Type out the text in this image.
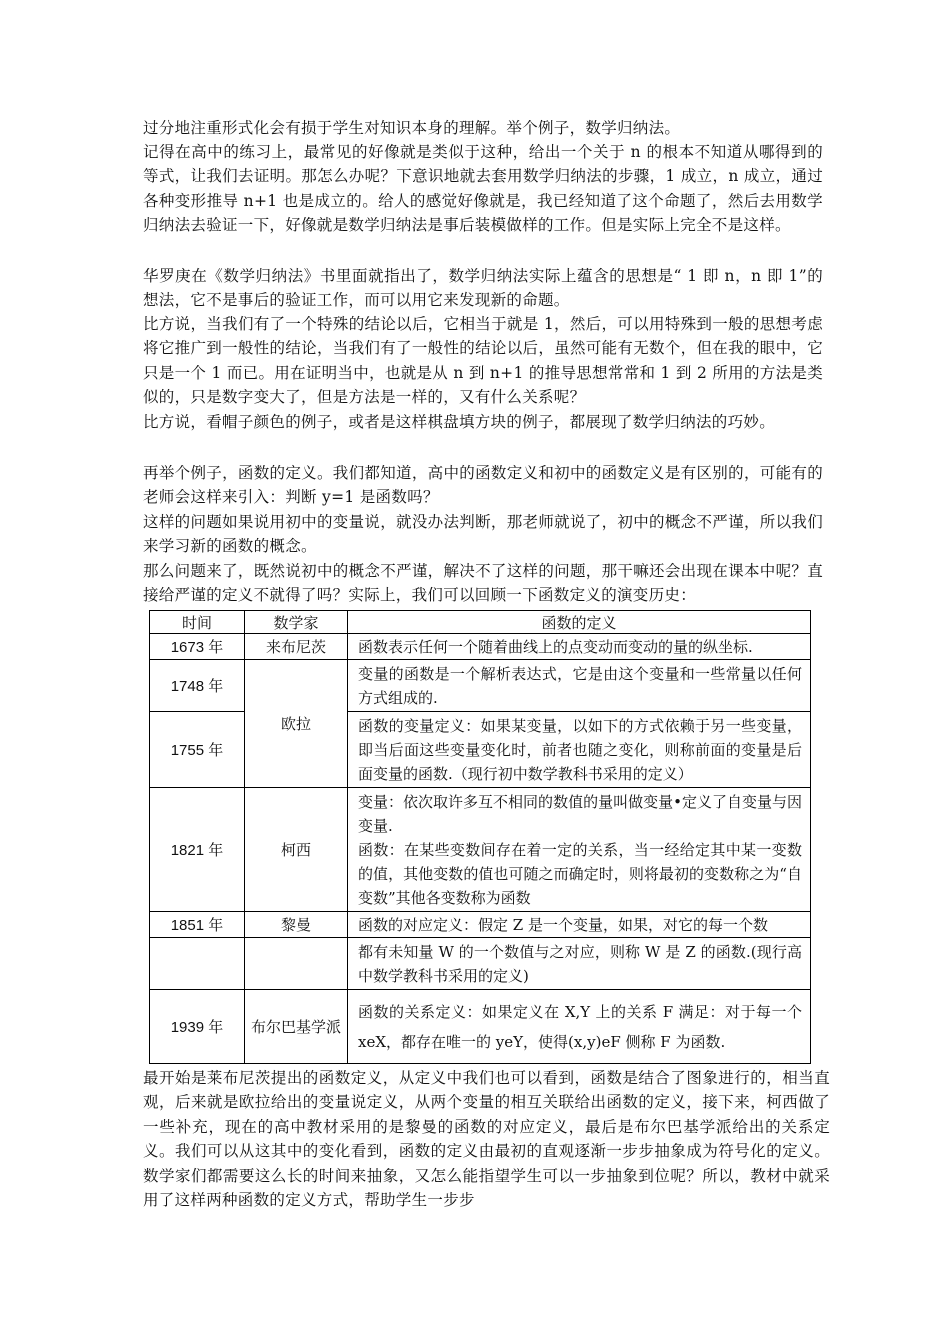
过分地注重形式化会有损于学生对知识本身的理解。举个例子，数学归纳法。
记得在高中的练习上，最常见的好像就是类似于这种，给出一个关于 n 的根本不知道从哪得到的等式，让我们去证明。那怎么办呢？下意识地就去套用数学归纳法的步骤，1 成立，n 成立，通过各种变形推导 n+1 也是成立的。给人的感觉好像就是，我已经知道了这个命题了，然后去用数学归纳法去验证一下，好像就是数学归纳法是事后装模做样的工作。但是实际上完全不是这样。
华罗庚在《数学归纳法》书里面就指出了，数学归纳法实际上蕴含的思想是“ 1 即 n，n 即 1”的想法，它不是事后的验证工作，而可以用它来发现新的命题。
比方说，当我们有了一个特殊的结论以后，它相当于就是 1，然后，可以用特殊到一般的思想考虑将它推广到一般性的结论，当我们有了一般性的结论以后，虽然可能有无数个，但在我的眼中，它只是一个 1 而已。用在证明当中，也就是从 n 到 n+1 的推导思想常常和 1 到 2 所用的方法是类似的，只是数字变大了，但是方法是一样的，又有什么关系呢？
比方说，看帽子颜色的例子，或者是这样棋盘填方块的例子，都展现了数学归纳法的巧妙。
再举个例子，函数的定义。我们都知道，高中的函数定义和初中的函数定义是有区别的，可能有的老师会这样来引入：判断 y=1 是函数吗？
这样的问题如果说用初中的变量说，就没办法判断，那老师就说了，初中的概念不严谨，所以我们来学习新的函数的概念。
那么问题来了，既然说初中的概念不严谨，解决不了这样的问题，那干嘛还会出现在课本中呢？直接给严谨的定义不就得了吗？实际上，我们可以回顾一下函数定义的演变历史：
时间	数学家	函数的定义
1673 年	来布尼茨	函数表示任何一个随着曲线上的点变动而变动的量的纵坐标.
1748 年	欧拉	变量的函数是一个解析表达式，它是由这个变量和一些常量以任何方式组成的.
1755 年		函数的变量定义：如果某变量，以如下的方式依赖于另一些变量，即当后面这些变量变化时，前者也随之变化，则称前面的变量是后面变量的函数.（现行初中数学教科书采用的定义）
1821 年	柯西	变量：依次取许多互不相同的数值的量叫做变量•定义了自变量与因变量.
函数：在某些变数间存在着一定的关系，当一经给定其中某一变数的值，其他变数的值也可随之而确定时，则将最初的变数称之为“自变数”其他各变数称为函数

1851 年	黎曼	函数的对应定义：假定 Z 是一个变量，如果，对它的每一个数
		都有未知量 W 的一个数值与之对应，则称 W 是 Z 的函数.(现行高中数学教科书采用的定义)
1939 年	布尔巴基学派	函数的关系定义：如果定义在 X,Y 上的关系 F 满足：对于每一个 xeX，都存在唯一的 yeY，使得(x,y)eF 侧称 F 为函数.
最开始是莱布尼茨提出的函数定义，从定义中我们也可以看到，函数是结合了图象进行的，相当直观，后来就是欧拉给出的变量说定义，从两个变量的相互关联给出函数的定义，接下来，柯西做了一些补充，现在的高中教材采用的是黎曼的函数的对应定义，最后是布尔巴基学派给出的关系定义。我们可以从这其中的变化看到，函数的定义由最初的直观逐渐一步步抽象成为符号化的定义。数学家们都需要这么长的时间来抽象，又怎么能指望学生可以一步抽象到位呢？所以，教材中就采用了这样两种函数的定义方式，帮助学生一步步
